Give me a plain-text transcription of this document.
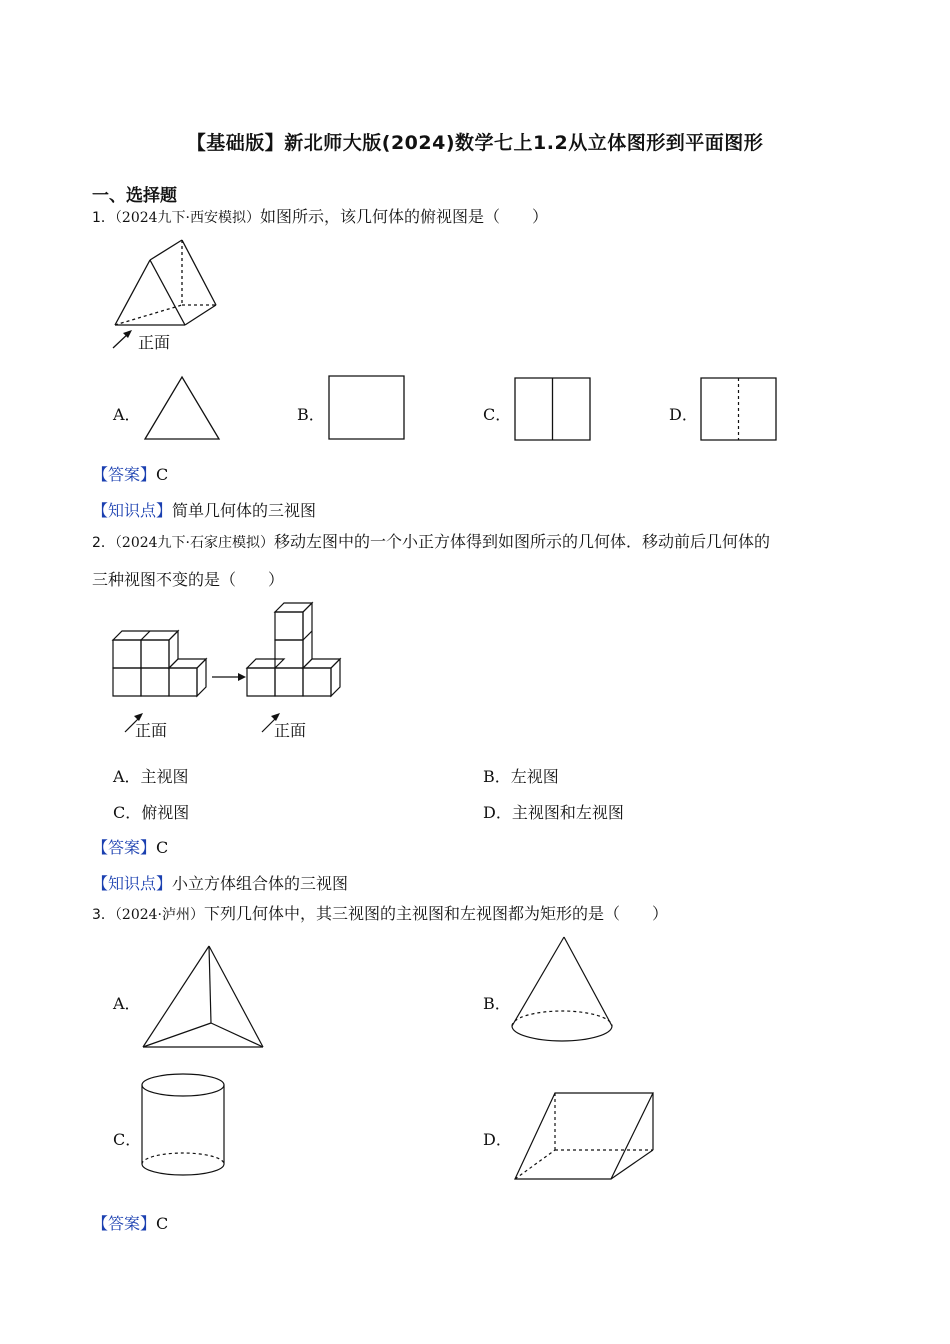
【基础版】新北师大版(2024)数学七上1.2从立体图形到平面图形
一、选择题
1．（2024九下·西安模拟）如图所示，该几何体的俯视图是（　　）
正面
A．	B．	C．	D．
【答案】C
【知识点】简单几何体的三视图
2．（2024九下·石家庄模拟）移动左图中的一个小正方体得到如图所示的几何体．移动前后几何体的
三种视图不变的是（　　）
正面	正面
A．主视图	B．左视图
C．俯视图	D．主视图和左视图
【答案】C
【知识点】小立方体组合体的三视图
3．（2024·泸州）下列几何体中，其三视图的主视图和左视图都为矩形的是（　　）
A．	B．
C．	D．
【答案】C
